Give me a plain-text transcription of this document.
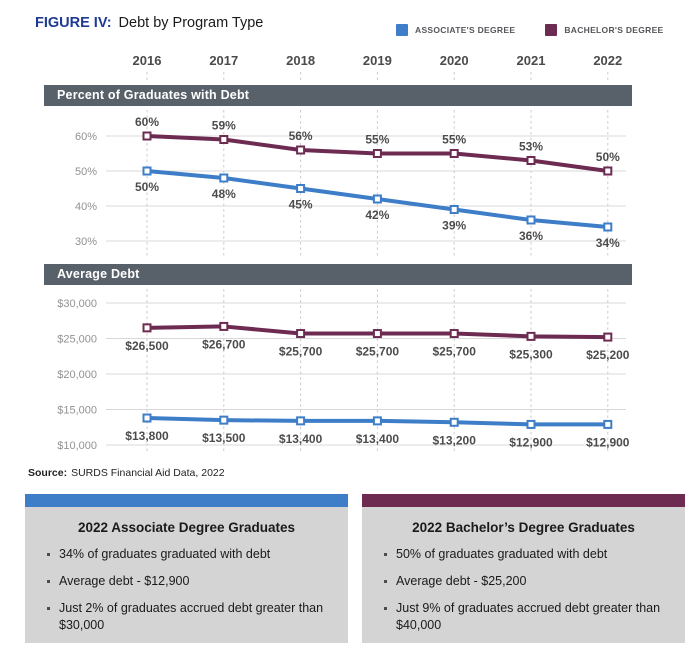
FIGURE IV: Debt by Program Type	ASSOCIATE'S DEGREE	BACHELOR'S DEGREE
2016	2017	2018	2019	2020	2021	2022
Percent of Graduates with Debt
60%
50%
40%
30%
60%	59%
56%	55%	55%	53%
50%
50%	48%
45%
42%
39%
36%	34%
Average Debt
$30,000
$25,000
$20,000
$15,000
$10,000
$26,500	$26,700
$25,700	$25,700	$25,700	$25,300	$25,200
$13,800	$13,500	$13,400	$13,400	$13,200	$12,900	$12,900
Source: SURDS Financial Aid Data, 2022
2022 Associate Degree Graduates
34% of graduates graduated with debt
Average debt - $12,900
Just 2% of graduates accrued debt greater than $30,000
2022 Bachelor’s Degree Graduates
50% of graduates graduated with debt
Average debt - $25,200
Just 9% of graduates accrued debt greater than $40,000
